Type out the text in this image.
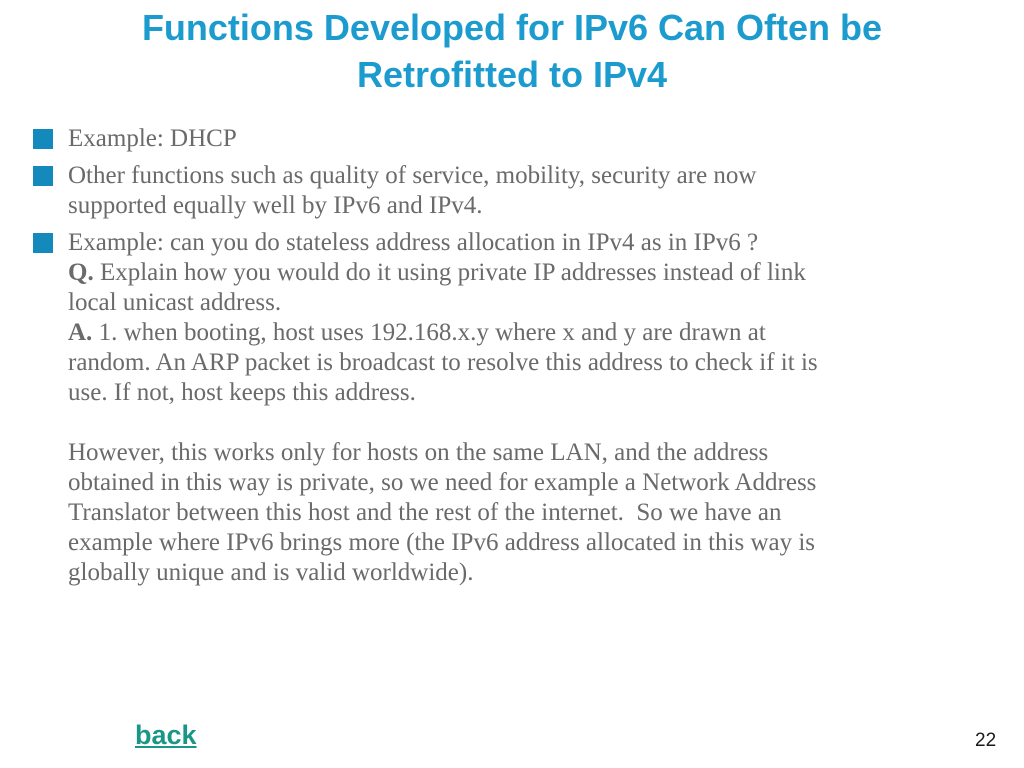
Functions Developed for IPv6 Can Often be
Retrofitted to IPv4
Example: DHCP
Other functions such as quality of service, mobility, security are now
supported equally well by IPv6 and IPv4.
Example: can you do stateless address allocation in IPv4 as in IPv6 ?
Q. Explain how you would do it using private IP addresses instead of link
local unicast address.
A. 1. when booting, host uses 192.168.x.y where x and y are drawn at
random. An ARP packet is broadcast to resolve this address to check if it is
use. If not, host keeps this address.
However, this works only for hosts on the same LAN, and the address
obtained in this way is private, so we need for example a Network Address
Translator between this host and the rest of the internet.  So we have an
example where IPv6 brings more (the IPv6 address allocated in this way is
globally unique and is valid worldwide).
back	22
